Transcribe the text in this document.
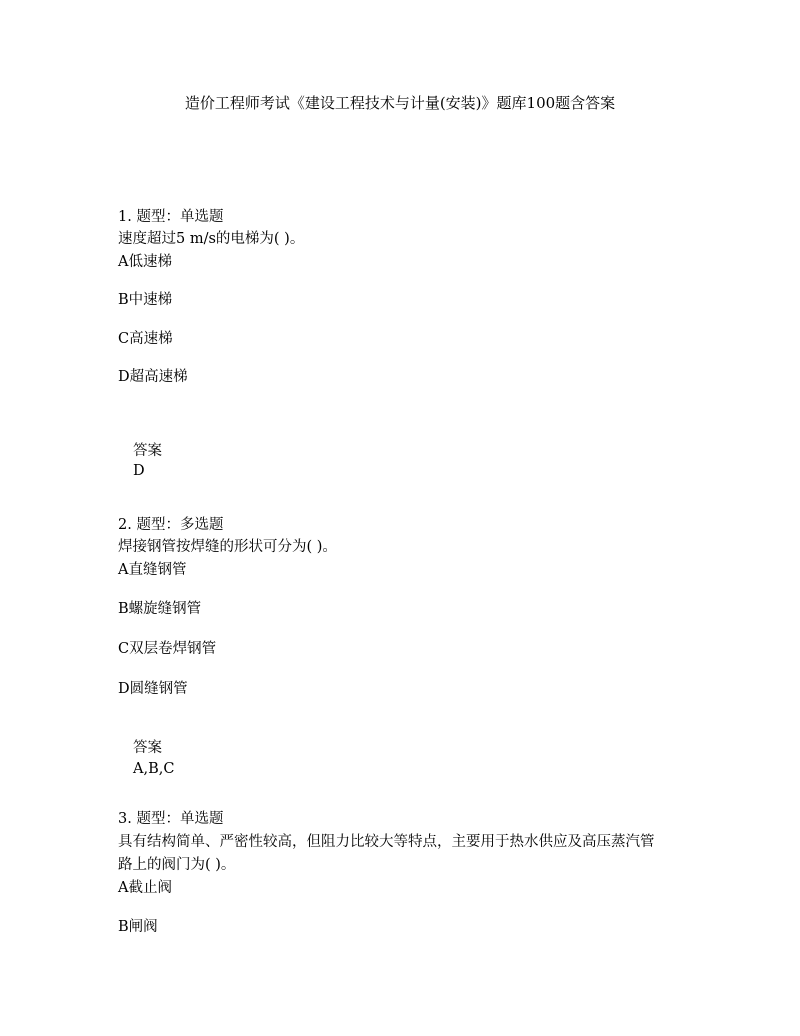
造价工程师考试《建设工程技术与计量(安装)》题库100题含答案
1. 题型：单选题
速度超过5 m/s的电梯为( )。
A低速梯
B中速梯
C高速梯
D超高速梯
答案
D
2. 题型：多选题
焊接钢管按焊缝的形状可分为( )。
A直缝钢管
B螺旋缝钢管
C双层卷焊钢管
D圆缝钢管
答案
A,B,C
3. 题型：单选题
具有结构简单、严密性较高，但阻力比较大等特点，主要用于热水供应及高压蒸汽管
路上的阀门为( )。
A截止阀
B闸阀
